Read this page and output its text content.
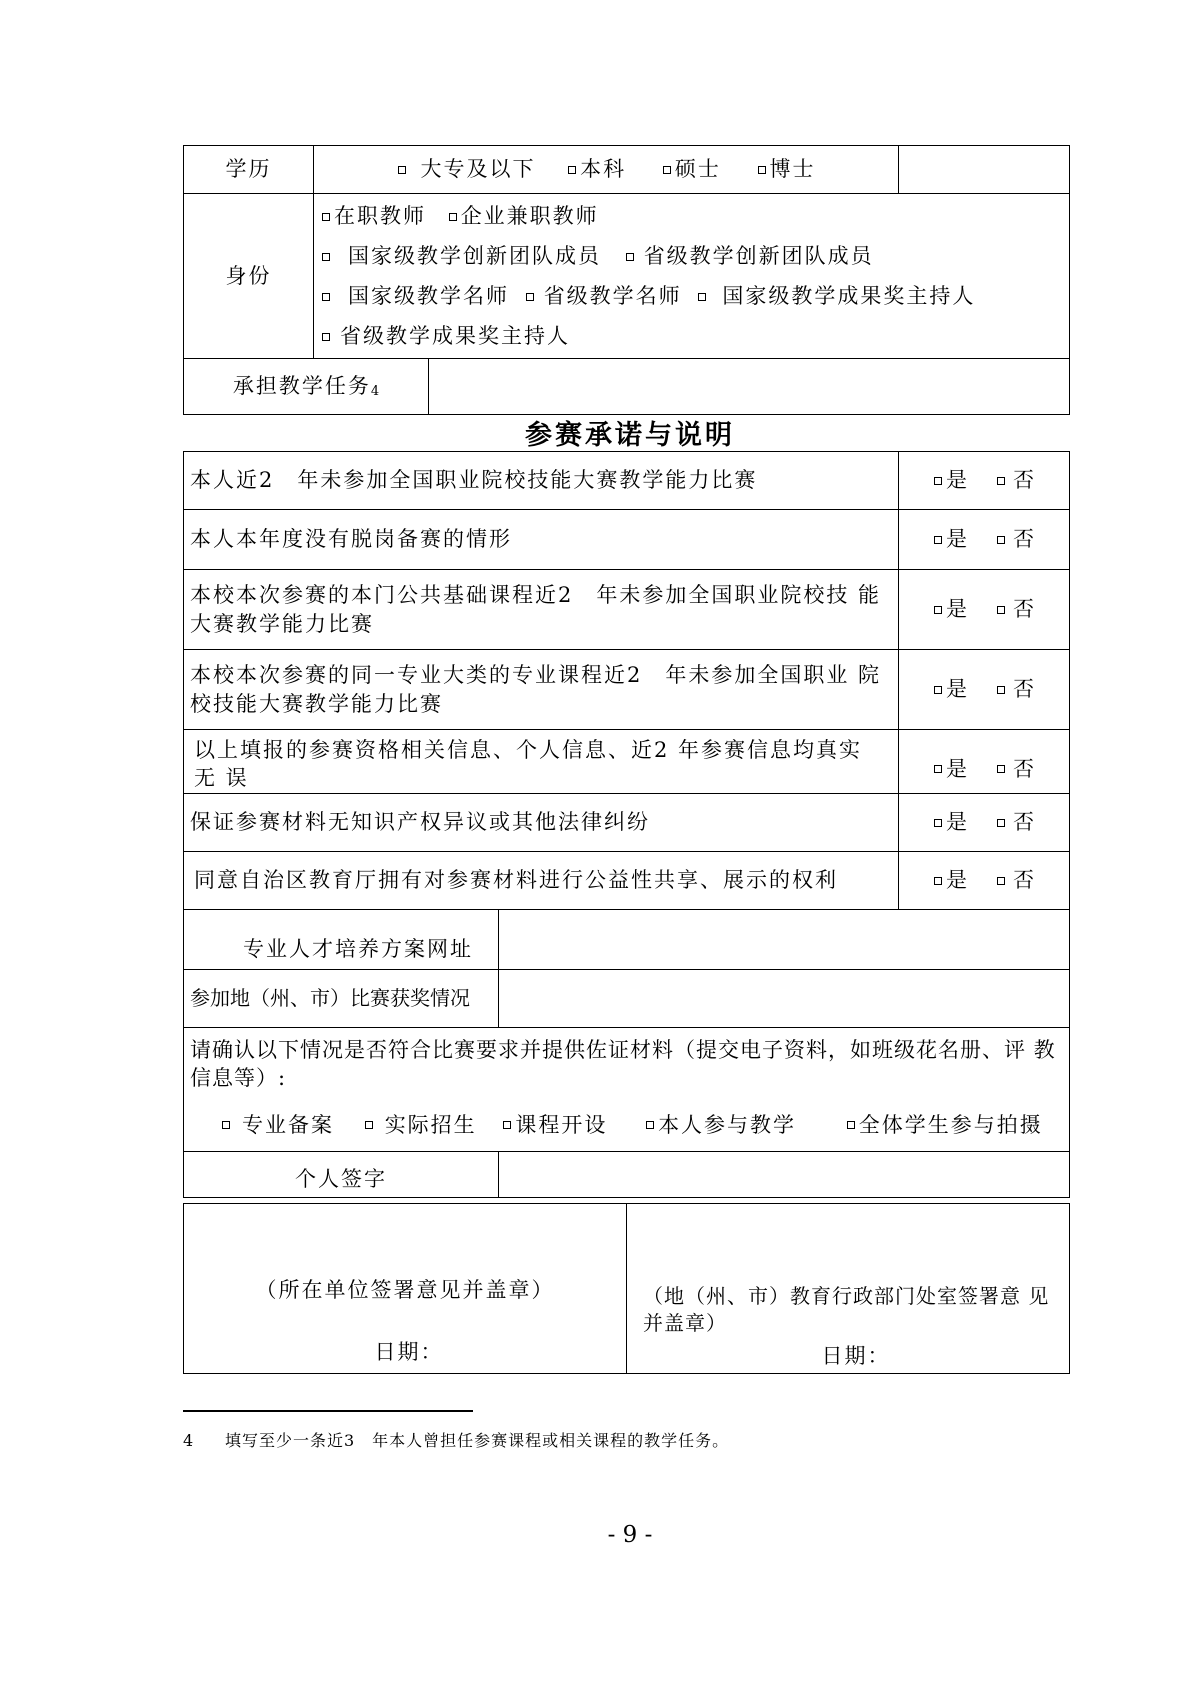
学历	大专及以下 本科 硕士 博士		
身份	在职教师 企业兼职教师
国家级教学创新团队成员 省级教学创新团队成员
国家级教学名师 省级教学名师 国家级教学成果奖主持人
省级教学成果奖主持人		

承担教学任务$^4$	
参赛承诺与说明
本人近2　年未参加全国职业院校技能大赛教学能力比赛		是 否
本人本年度没有脱岗备赛的情形		是 否
本校本次参赛的本门公共基础课程近2　年未参加全国职业院校技 能大赛教学能力比赛		是 否
本校本次参赛的同一专业大类的专业课程近2　年未参加全国职业 院校技能大赛教学能力比赛		是 否
以上填报的参赛资格相关信息、个人信息、近2 年参赛信息均真实 无 误		是 否
保证参赛材料无知识产权异议或其他法律纠纷		是 否
同意自治区教育厅拥有对参赛材料进行公益性共享、展示的权利		是 否
专业人才培养方案网址		
参加地（州、市）比赛获奖情况		

请确认以下情况是否符合比赛要求并提供佐证材料（提交电子资料，如班级花名册、评 教信息等）:
专业备案 实际招生 课程开设 本人参与教学 全体学生参与拍摄		

个人签字		
（所在单位签署意见并盖章）
日期：

（地（州、市）教育行政部门处室签署意 见并盖章）
日期：
4 填写至少一条近3　年本人曾担任参赛课程或相关课程的教学任务。
- 9 -
